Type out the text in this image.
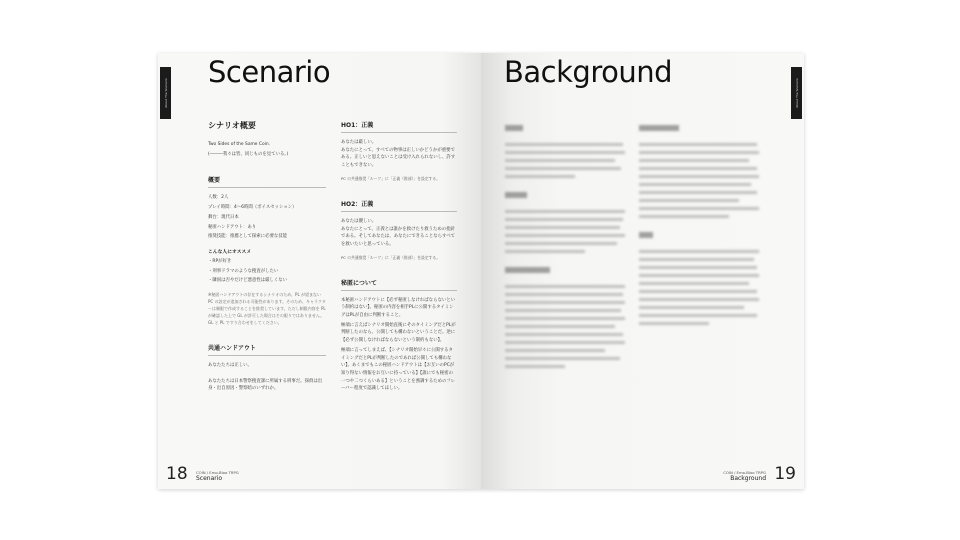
About The Scenario
Scenario
シナリオ概要
Two Sides of the Same Coin.
(―――我々は皆、同じものを見ている。)
概要
人数：2人
プレイ時間：4〜6時間（ボイスセッション）
舞台：現代日本
秘匿ハンドアウト：あり
推奨技能：推薦として探索に必要な技能
こんな人にオススメ
・RPが好き
・刑事ドラマのような捜査がしたい
・隣国は否やだけど悪意性は厳しくない
※秘匿ハンドアウトの存在するシナリオのため、PL が望まない PC の設定が追加される可能性があります。そのため、キャラクターは制限で作成することを推奨しています。ただし制限内容を PL が確認した上で GL が許可した場合はその限りではありません。GL と PL ですり合わせをしてください。
共通ハンドアウト
あなたたちは正しい。
あなたたちは日本警察捜査課に所属する刑事だ。探偵は出身・出自原因・警察暗のいずれか。
HO1：正義
あなたは厳しい。
あなたにとって、すべての物事は正しいかどうかが重要である。正しいと思えないことは受け入れられないし、許すこともできない。
PC の共通推奨「ルーツ」に「正義（推部）」を設定する。
HO2：正義
あなたは優しい。
あなたにとって、正義とは誰かを救けたり救うための指針である。そしてあなたは、あなたにできることならすべてを救いたいと思っている。
PC の共通推奨「ルーツ」に「正義（推部）」を設定する。
秘匿について
本秘匿ハンドアウトに【必ず秘匿しなければならないという制約はない】。秘匿の内容を相手PLに公開するタイミングはPLが自由に判断すること。
極端に言えばシナリオ開始直後にそのタイミングだとPLが判断したのなら、公開しても構わないということだ。逆に【必ず公開しなければならないという制約もない】。
極端に言ってしまえば、【シナリオ開始早々に公開するタイミングだとPLが判断したのであれば公開しても構わない】。あくまでもこの秘匿ハンドアウトは【お互いのPCが知り得ない情報をお互いに持っている】【誰にでも秘密の一つや二つくらいある】ということを強調するためのフレーバー程度で認識してほしい。
18 COIN / Emo-Bloo TRPG
Scenario
Background
About The Scenario
COIN / Emo-Bloo TRPG
Background 19
